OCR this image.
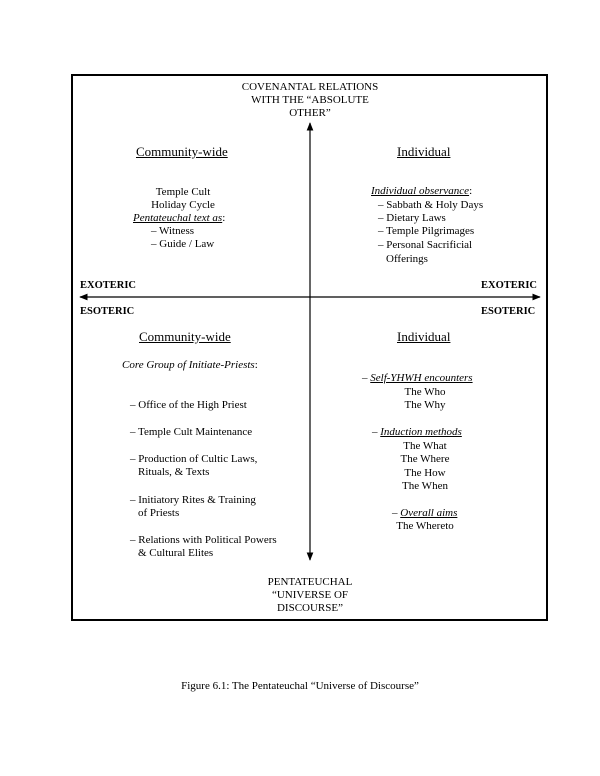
COVENANTAL RELATIONS
WITH THE “ABSOLUTE
OTHER”
PENTATEUCHAL
“UNIVERSE OF
DISCOURSE”
EXOTERIC	EXOTERIC
ESOTERIC	ESOTERIC
Community-wide
Temple Cult
Holiday Cycle
Pentateuchal text as:
– Witness
– Guide / Law
Individual
Individual observance:
– Sabbath & Holy Days
– Dietary Laws
– Temple Pilgrimages
– Personal Sacrificial
Offerings
Community-wide
Core Group of Initiate-Priests:
– Office of the High Priest
– Temple Cult Maintenance
– Production of Cultic Laws,
Rituals, & Texts
– Initiatory Rites & Training
of Priests
– Relations with Political Powers
& Cultural Elites
Individual
– Self-YHWH encounters
The Who
The Why
– Induction methods
The What
The Where
The How
The When
– Overall aims
The Whereto
Figure 6.1: The Pentateuchal “Universe of Discourse”
